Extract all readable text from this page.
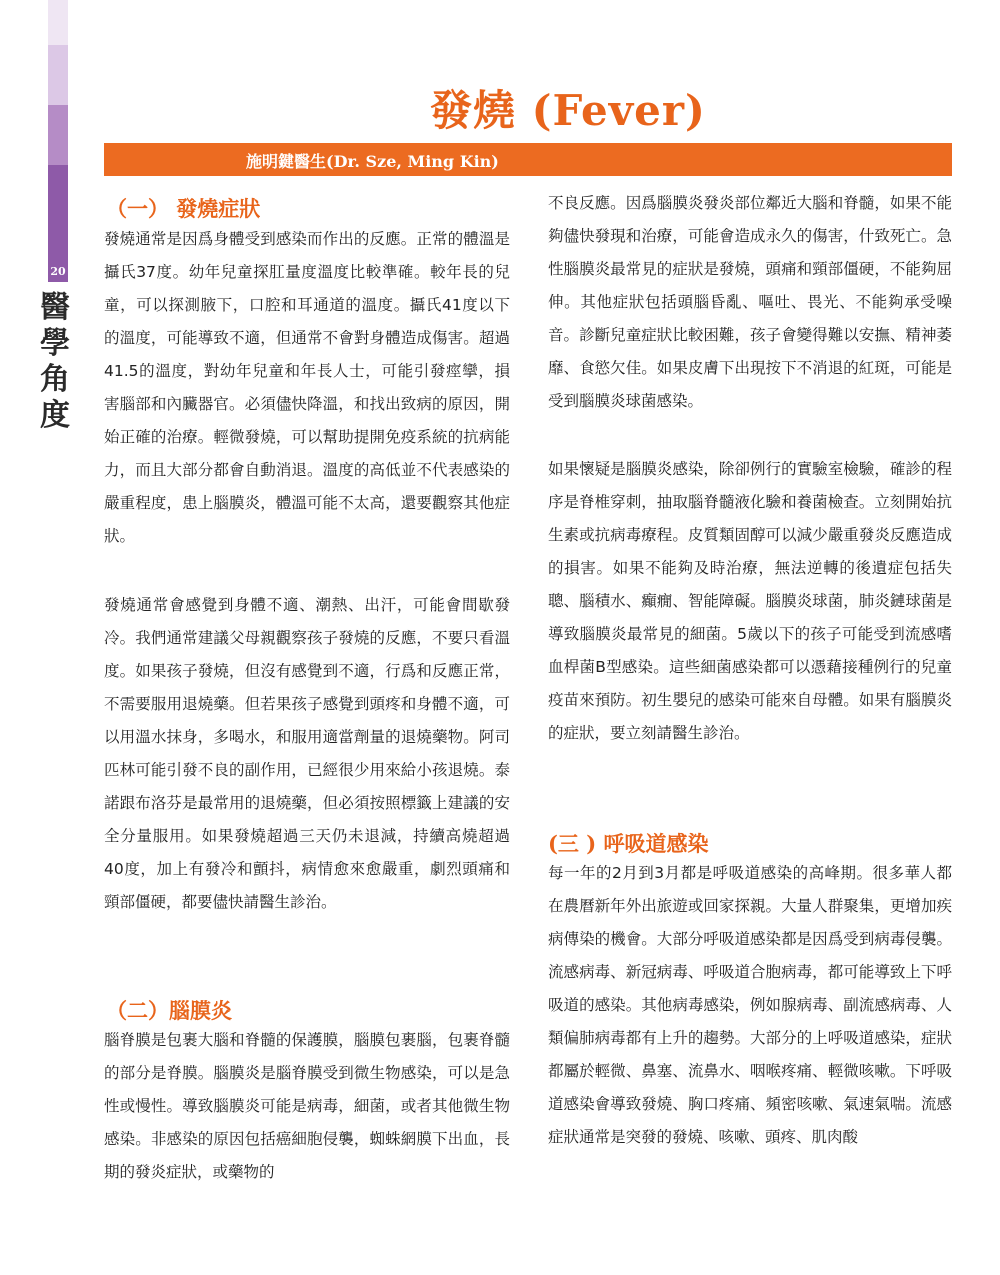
20
醫
學
角
度
發燒 (Fever)
施明鍵醫生(Dr. Sze, Ming Kin)
（一） 發燒症狀

發燒通常是因爲身體受到感染而作出的反應。正常的體溫是攝氏37度。幼年兒童探肛量度溫度比較準確。較年長的兒童，可以探測腋下，口腔和耳通道的溫度。攝氏41度以下的溫度，可能導致不適，但通常不會對身體造成傷害。超過41.5的溫度，對幼年兒童和年長人士，可能引發痙攣，損害腦部和內臟器官。必須儘快降溫，和找出致病的原因，開始正確的治療。輕微發燒，可以幫助提開免疫系統的抗病能力，而且大部分都會自動消退。溫度的高低並不代表感染的嚴重程度，患上腦膜炎，體溫可能不太高，還要觀察其他症狀。

發燒通常會感覺到身體不適、潮熱、出汗，可能會間歇發冷。我們通常建議父母親觀察孩子發燒的反應，不要只看溫度。如果孩子發燒，但沒有感覺到不適，行爲和反應正常，不需要服用退燒藥。但若果孩子感覺到頭疼和身體不適，可以用溫水抹身，多喝水，和服用適當劑量的退燒藥物。阿司匹林可能引發不良的副作用，已經很少用來給小孩退燒。泰諾跟布洛芬是最常用的退燒藥，但必須按照標籤上建議的安全分量服用。如果發燒超過三天仍未退減，持續高燒超過40度，加上有發冷和顫抖，病情愈來愈嚴重，劇烈頭痛和頸部僵硬，都要儘快請醫生診治。

（二）腦膜炎

腦脊膜是包裹大腦和脊髓的保護膜，腦膜包裹腦，包裹脊髓的部分是脊膜。腦膜炎是腦脊膜受到微生物感染，可以是急性或慢性。導致腦膜炎可能是病毒，細菌，或者其他微生物感染。非感染的原因包括癌細胞侵襲，蜘蛛網膜下出血，長期的發炎症狀，或藥物的

不良反應。因爲腦膜炎發炎部位鄰近大腦和脊髓，如果不能夠儘快發現和治療，可能會造成永久的傷害，什致死亡。急性腦膜炎最常見的症狀是發燒，頭痛和頸部僵硬，不能夠屈伸。其他症狀包括頭腦昏亂、嘔吐、畏光、不能夠承受噪音。診斷兒童症狀比較困難，孩子會變得難以安撫、精神萎靡、食慾欠佳。如果皮膚下出現按下不消退的紅斑，可能是受到腦膜炎球菌感染。

如果懷疑是腦膜炎感染，除卻例行的實驗室檢驗，確診的程序是脊椎穿刺，抽取腦脊髓液化驗和養菌檢查。立刻開始抗生素或抗病毒療程。皮質類固醇可以減少嚴重發炎反應造成的損害。如果不能夠及時治療，無法逆轉的後遺症包括失聰、腦積水、癲癇、智能障礙。腦膜炎球菌，肺炎鏈球菌是導致腦膜炎最常見的細菌。5歲以下的孩子可能受到流感嗜血桿菌B型感染。這些細菌感染都可以憑藉接種例行的兒童疫苗來預防。初生嬰兒的感染可能來自母體。如果有腦膜炎的症狀，要立刻請醫生診治。

(三 ) 呼吸道感染

每一年的2月到3月都是呼吸道感染的高峰期。很多華人都在農曆新年外出旅遊或回家探親。大量人群聚集，更增加疾病傳染的機會。大部分呼吸道感染都是因爲受到病毒侵襲。流感病毒、新冠病毒、呼吸道合胞病毒，都可能導致上下呼吸道的感染。其他病毒感染，例如腺病毒、副流感病毒、人類偏肺病毒都有上升的趨勢。大部分的上呼吸道感染，症狀都屬於輕微、鼻塞、流鼻水、咽喉疼痛、輕微咳嗽。下呼吸道感染會導致發燒、胸口疼痛、頻密咳嗽、氣速氣喘。流感症狀通常是突發的發燒、咳嗽、頭疼、肌肉酸
